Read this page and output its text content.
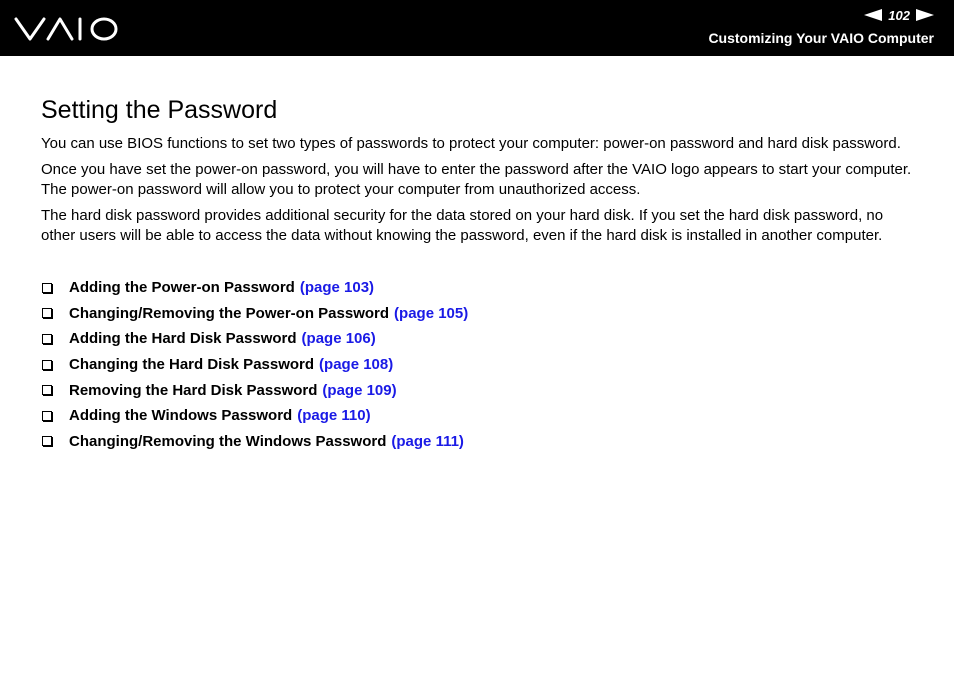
102
Customizing Your VAIO Computer
Setting the Password

You can use BIOS functions to set two types of passwords to protect your computer: power-on password and hard disk password.

Once you have set the power-on password, you will have to enter the password after the VAIO logo appears to start your computer. The power-on password will allow you to protect your computer from unauthorized access.

The hard disk password provides additional security for the data stored on your hard disk. If you set the hard disk password, no other users will be able to access the data without knowing the password, even if the hard disk is installed in another computer.

Adding the Power-on Password (page 103)
Changing/Removing the Power-on Password (page 105)
Adding the Hard Disk Password (page 106)
Changing the Hard Disk Password (page 108)
Removing the Hard Disk Password (page 109)
Adding the Windows Password (page 110)
Changing/Removing the Windows Password (page 111)
